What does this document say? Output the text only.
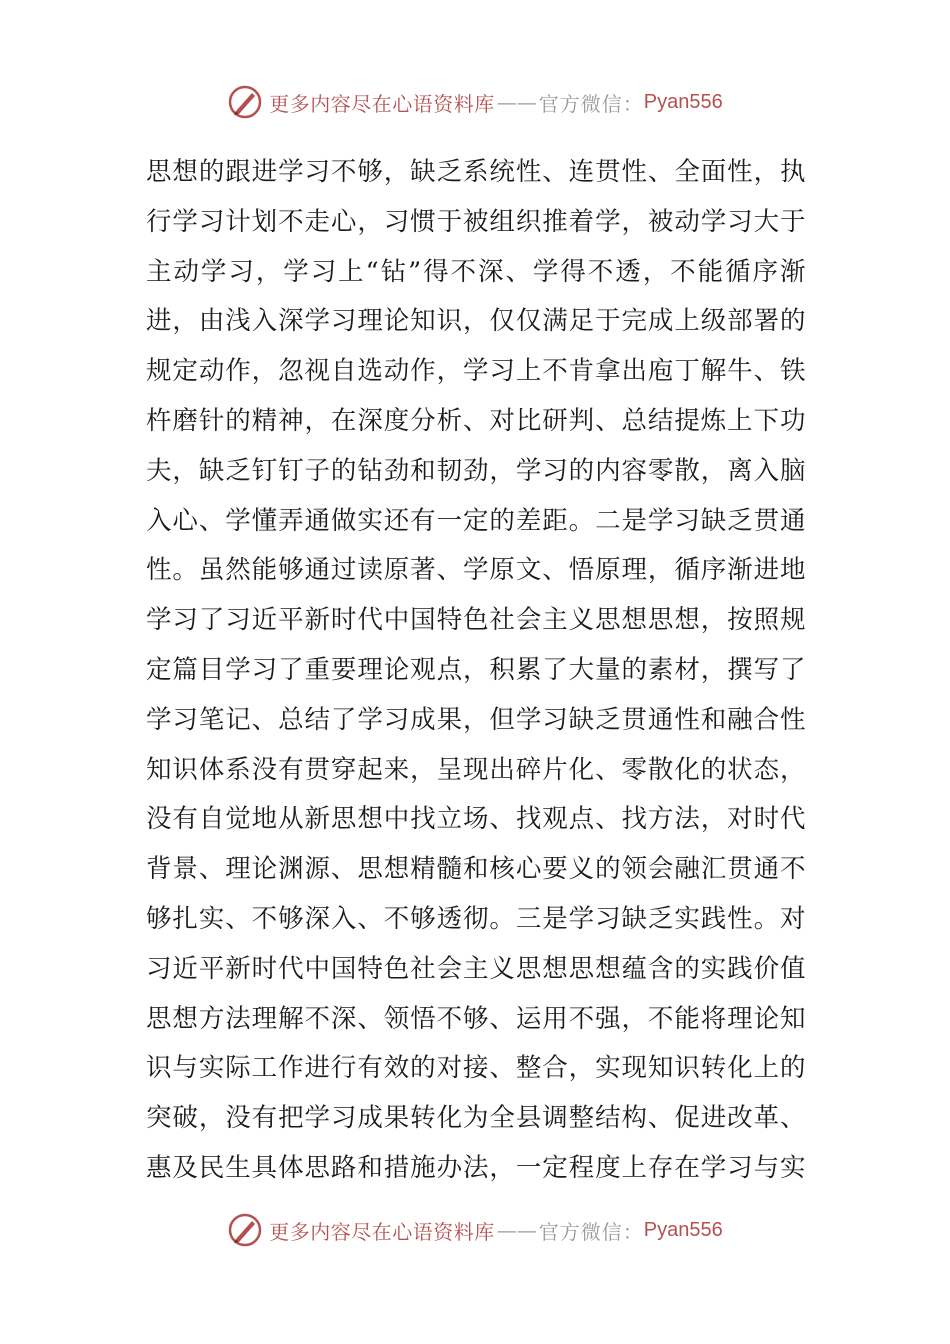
更多内容尽在心语资料库 —— 官方微信： Pyan556
思想的跟进学习不够，缺乏系统性、连贯性、全面性，执
行学习计划不走心，习惯于被组织推着学，被动学习大于
主动学习，学习上“钻”得不深、学得不透，不能循序渐
进，由浅入深学习理论知识，仅仅满足于完成上级部署的
规定动作，忽视自选动作，学习上不肯拿出庖丁解牛、铁
杵磨针的精神，在深度分析、对比研判、总结提炼上下功
夫，缺乏钉钉子的钻劲和韧劲，学习的内容零散，离入脑
入心、学懂弄通做实还有一定的差距。二是学习缺乏贯通
性。虽然能够通过读原著、学原文、悟原理，循序渐进地
学习了习近平新时代中国特色社会主义思想思想，按照规
定篇目学习了重要理论观点，积累了大量的素材，撰写了
学习笔记、总结了学习成果，但学习缺乏贯通性和融合性
知识体系没有贯穿起来，呈现出碎片化、零散化的状态，
没有自觉地从新思想中找立场、找观点、找方法，对时代
背景、理论渊源、思想精髓和核心要义的领会融汇贯通不
够扎实、不够深入、不够透彻。三是学习缺乏实践性。对
习近平新时代中国特色社会主义思想思想蕴含的实践价值
思想方法理解不深、领悟不够、运用不强，不能将理论知
识与实际工作进行有效的对接、整合，实现知识转化上的
突破，没有把学习成果转化为全县调整结构、促进改革、
惠及民生具体思路和措施办法，一定程度上存在学习与实
更多内容尽在心语资料库 —— 官方微信： Pyan556
